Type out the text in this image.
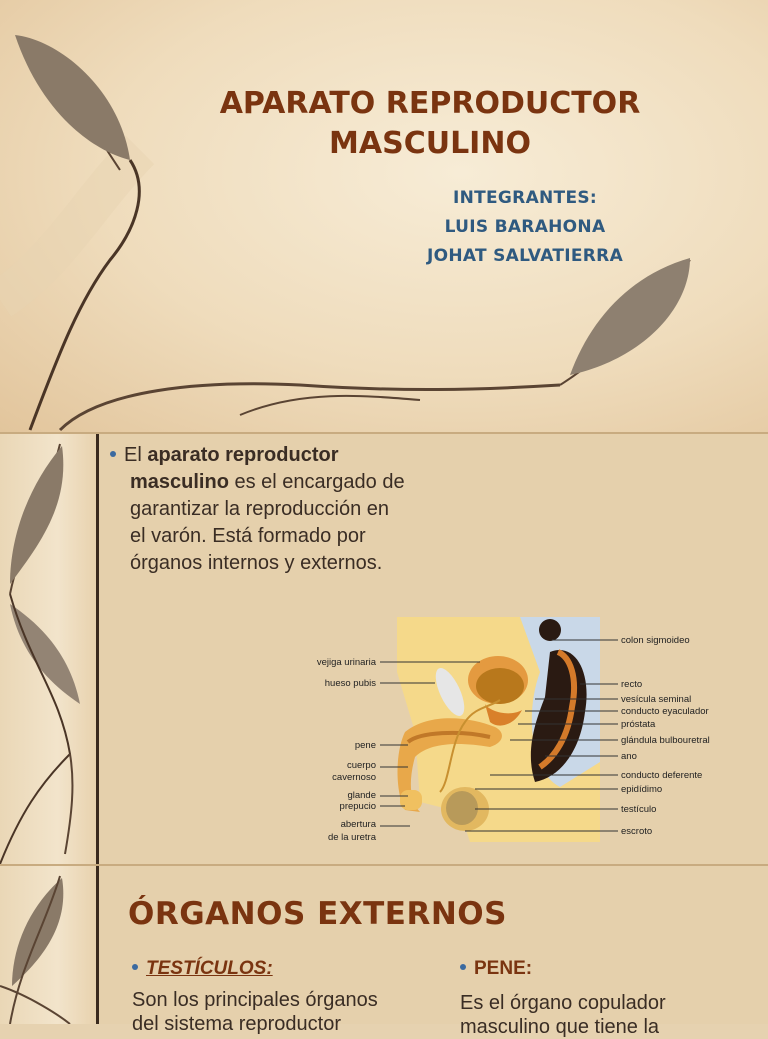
APARATO REPRODUCTOR
MASCULINO
INTEGRANTES:
LUIS BARAHONA
JOHAT SALVATIERRA
El aparato reproductor masculino es el encargado de garantizar la reproducción en el varón. Está formado por órganos internos y externos.
vejiga urinaria
hueso pubis
pene
cuerpo
cavernoso
glande
prepucio
abertura
de la uretra
colon sigmoideo
recto
vesícula seminal
conducto eyaculador
próstata
glándula bulbouretral
ano
conducto deferente
epidídimo
testículo
escroto
ÓRGANOS EXTERNOS
TESTÍCULOS:
Son los principales órganos
del sistema reproductor
PENE:
Es el órgano copulador
masculino que tiene la
